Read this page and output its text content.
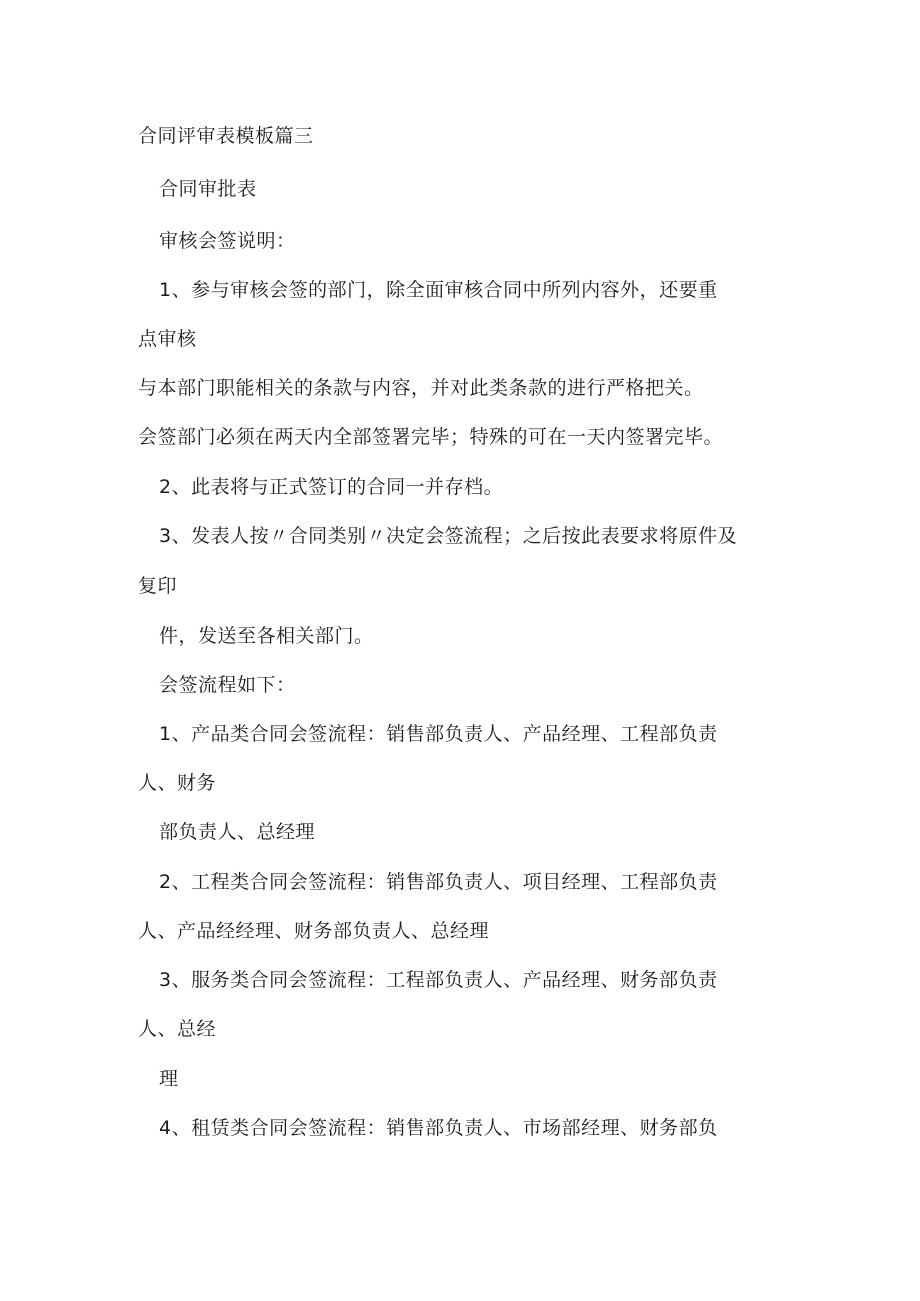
合同评审表模板篇三
合同审批表
审核会签说明：
1、参与审核会签的部门，除全面审核合同中所列内容外，还要重
点审核
与本部门职能相关的条款与内容，并对此类条款的进行严格把关。
会签部门必须在两天内全部签署完毕；特殊的可在一天内签署完毕。
2、此表将与正式签订的合同一并存档。
3、发表人按〃合同类别〃决定会签流程；之后按此表要求将原件及
复印
件，发送至各相关部门。
会签流程如下：
1、产品类合同会签流程：销售部负责人、产品经理、工程部负责
人、财务
部负责人、总经理
2、工程类合同会签流程：销售部负责人、项目经理、工程部负责
人、产品经经理、财务部负责人、总经理
3、服务类合同会签流程：工程部负责人、产品经理、财务部负责
人、总经
理
4、租赁类合同会签流程：销售部负责人、市场部经理、财务部负
